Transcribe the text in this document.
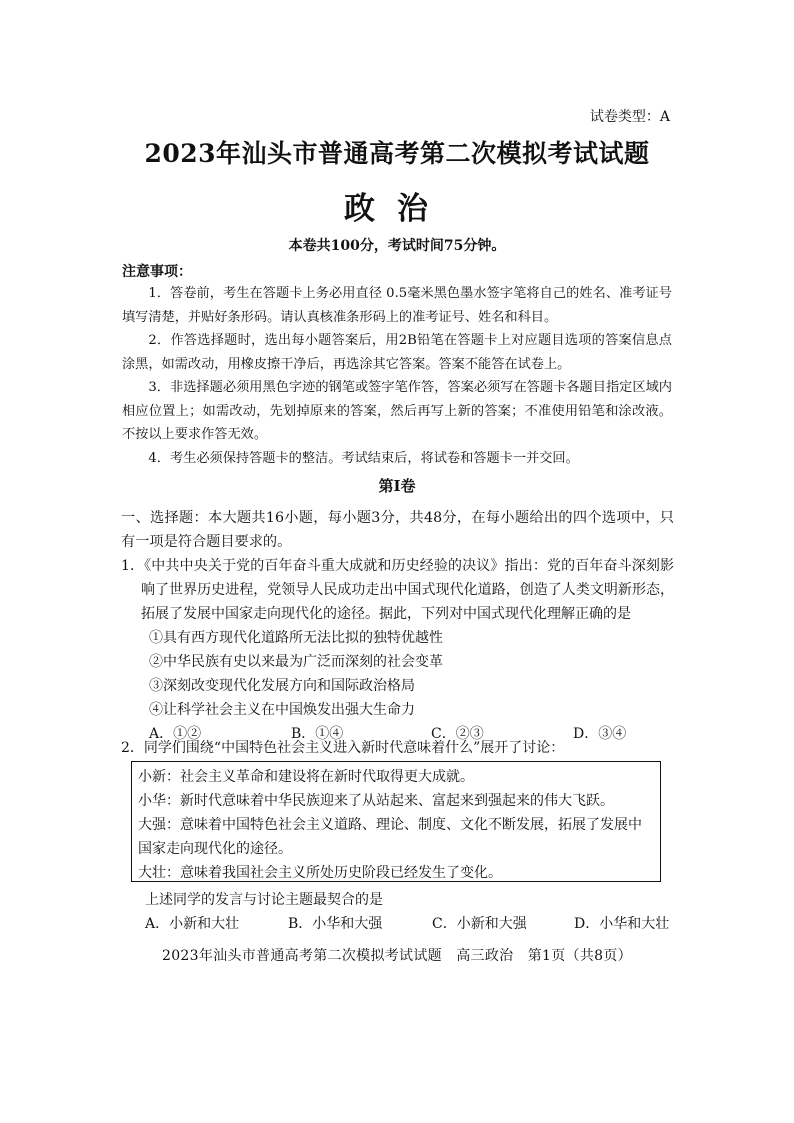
试卷类型：A
2023年汕头市普通高考第二次模拟考试试题
政治
本卷共100分，考试时间75分钟。
注意事项：

1．答卷前，考生在答题卡上务必用直径 0.5毫米黑色墨水签字笔将自己的姓名、准考证号填写清楚，并贴好条形码。请认真核准条形码上的准考证号、姓名和科目。

2．作答选择题时，选出每小题答案后，用2B铅笔在答题卡上对应题目选项的答案信息点涂黑，如需改动，用橡皮擦干净后，再选涂其它答案。答案不能答在试卷上。

3．非选择题必须用黑色字迹的钢笔或签字笔作答，答案必须写在答题卡各题目指定区域内相应位置上；如需改动，先划掉原来的答案，然后再写上新的答案；不准使用铅笔和涂改液。不按以上要求作答无效。

4．考生必须保持答题卡的整洁。考试结束后，将试卷和答题卡一并交回。

第Ⅰ卷
一、选择题：本大题共16小题，每小题3分，共48分，在每小题给出的四个选项中，只有一项是符合题目要求的。
1．《中共中央关于党的百年奋斗重大成就和历史经验的决议》指出：党的百年奋斗深刻影响了世界历史进程，党领导人民成功走出中国式现代化道路，创造了人类文明新形态，拓展了发展中国家走向现代化的途径。据此，下列对中国式现代化理解正确的是
①具有西方现代化道路所无法比拟的独特优越性
②中华民族有史以来最为广泛而深刻的社会变革
③深刻改变现代化发展方向和国际政治格局
④让科学社会主义在中国焕发出强大生命力
A．①②	B．①④	C．②③	D．③④
2．同学们围绕“中国特色社会主义进入新时代意味着什么”展开了讨论：
小新：社会主义革命和建设将在新时代取得更大成就。
小华：新时代意味着中华民族迎来了从站起来、富起来到强起来的伟大飞跃。
大强：意味着中国特色社会主义道路、理论、制度、文化不断发展，拓展了发展中国家走向现代化的途径。
大壮：意味着我国社会主义所处历史阶段已经发生了变化。
上述同学的发言与讨论主题最契合的是
A．小新和大壮	B．小华和大强	C．小新和大强	D．小华和大壮
2023年汕头市普通高考第二次模拟考试试题　高三政治　第1页（共8页）
